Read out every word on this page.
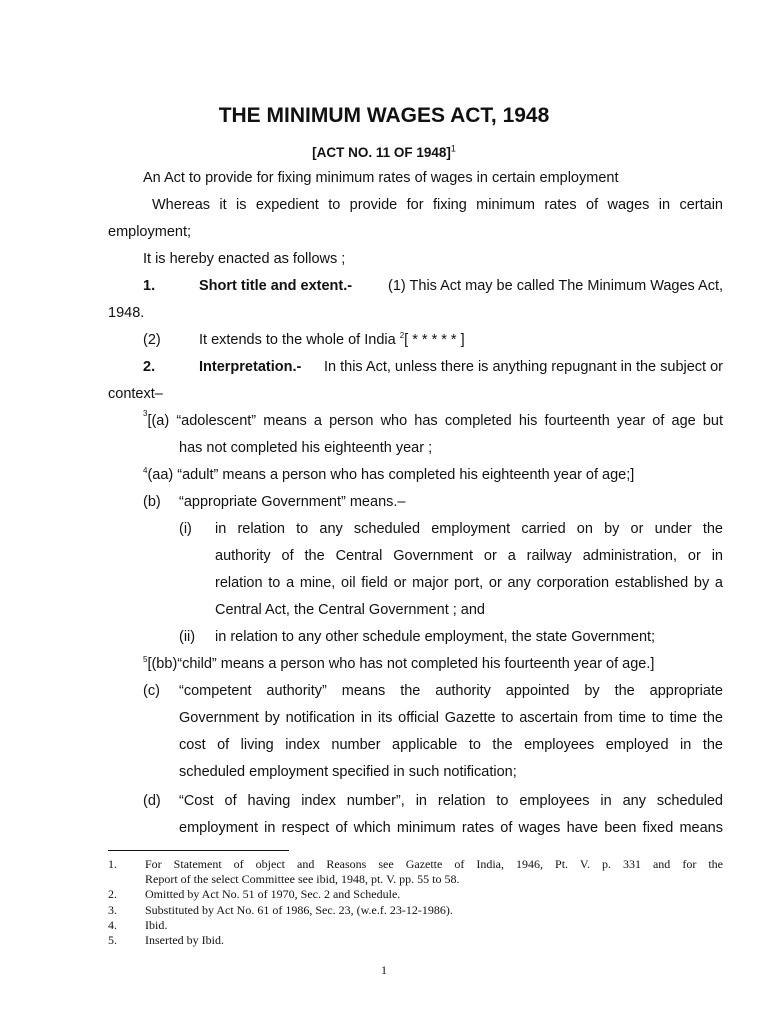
THE MINIMUM WAGES ACT, 1948
[ACT NO. 11 OF 1948]$^1$
An Act to provide for fixing minimum rates of wages in certain employment
Whereas it is expedient to provide for fixing minimum rates of wages in certain
employment;
It is hereby enacted as follows ;
1.	Short title and extent.- (1) This Act may be called The Minimum Wages Act,
1948.
(2)	It extends to the whole of India $^2$[ * * * * * ]
2.	Interpretation.- In this Act, unless there is anything repugnant in the subject or
context–
3 [(a) “adolescent” means a person who has completed his fourteenth year of age but
has not completed his eighteenth year ;
$^4$(aa) “adult” means a person who has completed his eighteenth year of age;]
(b) “appropriate Government” means.–
(i) in relation to any scheduled employment carried on by or under the
authority of the Central Government or a railway administration, or in
relation to a mine, oil field or major port, or any corporation established by a
Central Act, the Central Government ; and
(ii) in relation to any other schedule employment, the state Government;
$^5$[(bb)“child” means a person who has not completed his fourteenth year of age.]
(c) “competent authority” means the authority appointed by the appropriate
Government by notification in its official Gazette to ascertain from time to time the
cost of living index number applicable to the employees employed in the
scheduled employment specified in such notification;
(d) “Cost of having index number”, in relation to employees in any scheduled
employment in respect of which minimum rates of wages have been fixed means
1. For Statement of object and Reasons see Gazette of India, 1946, Pt. V. p. 331 and for the
Report of the select Committee see ibid, 1948, pt. V. pp. 55 to 58.
2. Omitted by Act No. 51 of 1970, Sec. 2 and Schedule.
3. Substituted by Act No. 61 of 1986, Sec. 23, (w.e.f. 23-12-1986).
4. Ibid.
5. Inserted by Ibid.
1
